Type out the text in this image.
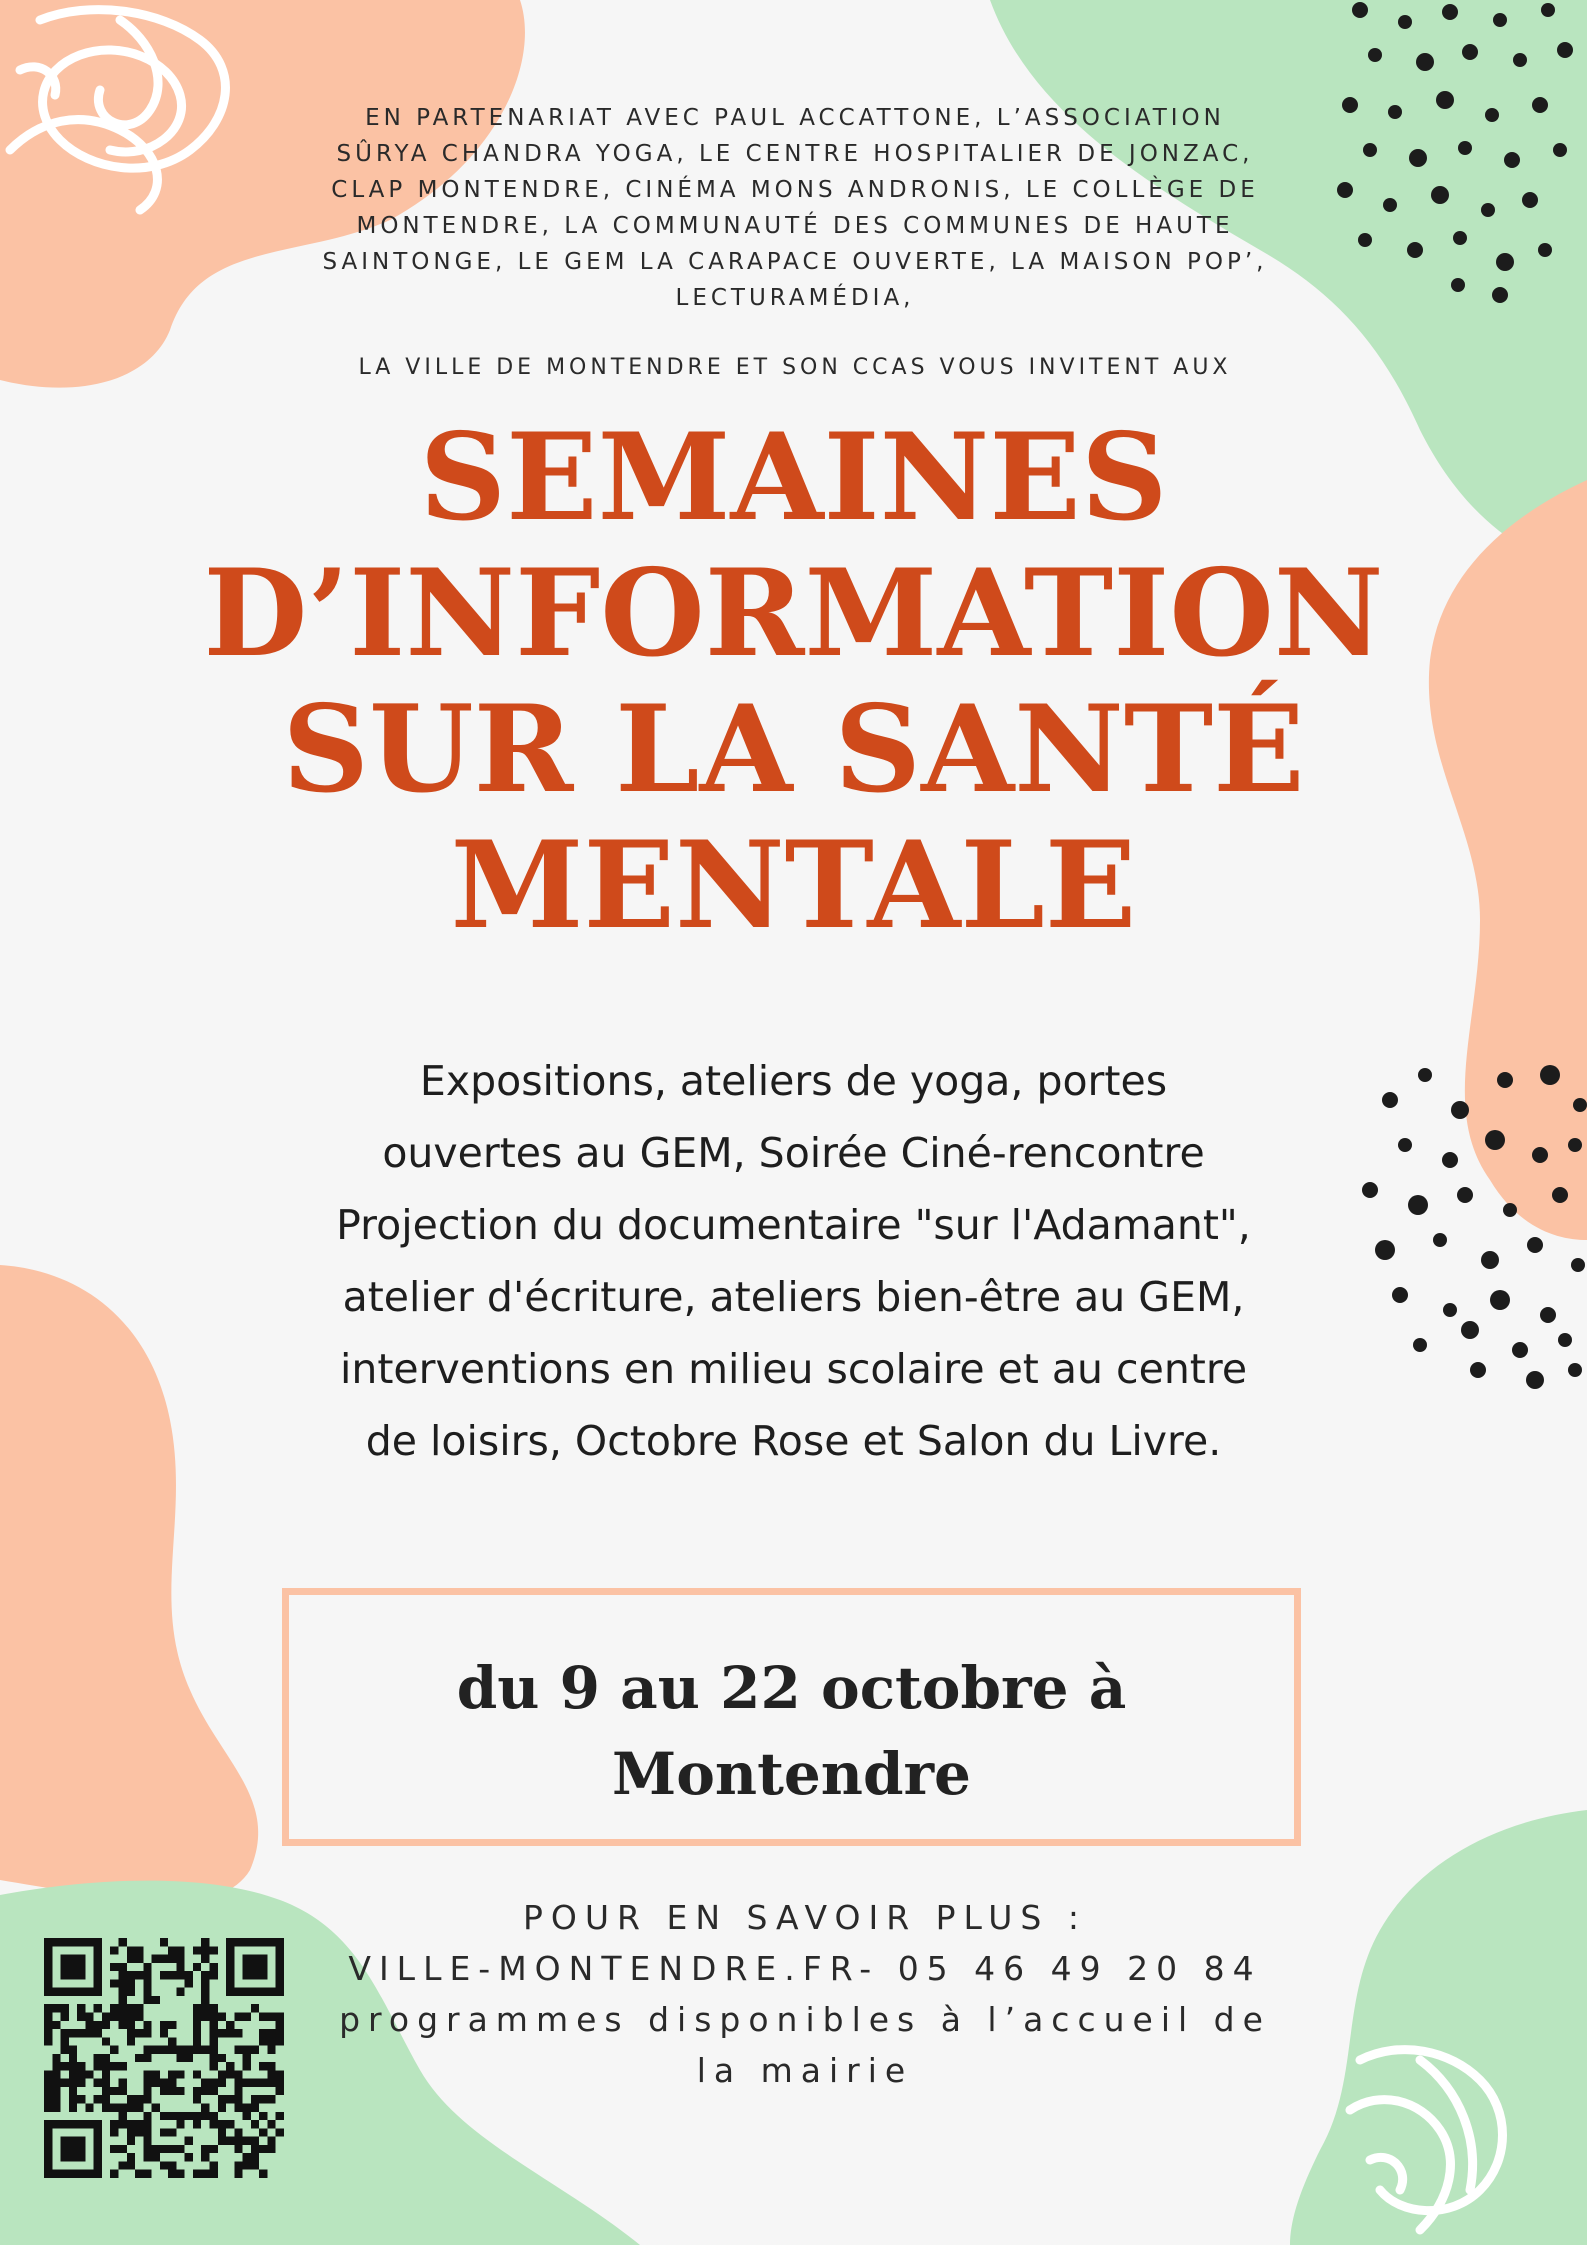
EN PARTENARIAT AVEC PAUL ACCATTONE, L’ASSOCIATION
SÛRYA CHANDRA YOGA, LE CENTRE HOSPITALIER DE JONZAC,
CLAP MONTENDRE, CINÉMA MONS ANDRONIS, LE COLLÈGE DE
MONTENDRE, LA COMMUNAUTÉ DES COMMUNES DE HAUTE
SAINTONGE, LE GEM LA CARAPACE OUVERTE, LA MAISON POP’,
LECTURAMÉDIA,
LA VILLE DE MONTENDRE ET SON CCAS VOUS INVITENT AUX
SEMAINES
D’INFORMATION
SUR LA SANTÉ
MENTALE
Expositions, ateliers de yoga, portes
ouvertes au GEM, Soirée Ciné-rencontre
Projection du documentaire "sur l'Adamant",
atelier d'écriture, ateliers bien-être au GEM,
interventions en milieu scolaire et au centre
de loisirs, Octobre Rose et Salon du Livre.
du 9 au 22 octobre à
Montendre
POUR EN SAVOIR PLUS :
VILLE-MONTENDRE.FR- 05 46 49 20 84
programmes disponibles à l’accueil de
la mairie
